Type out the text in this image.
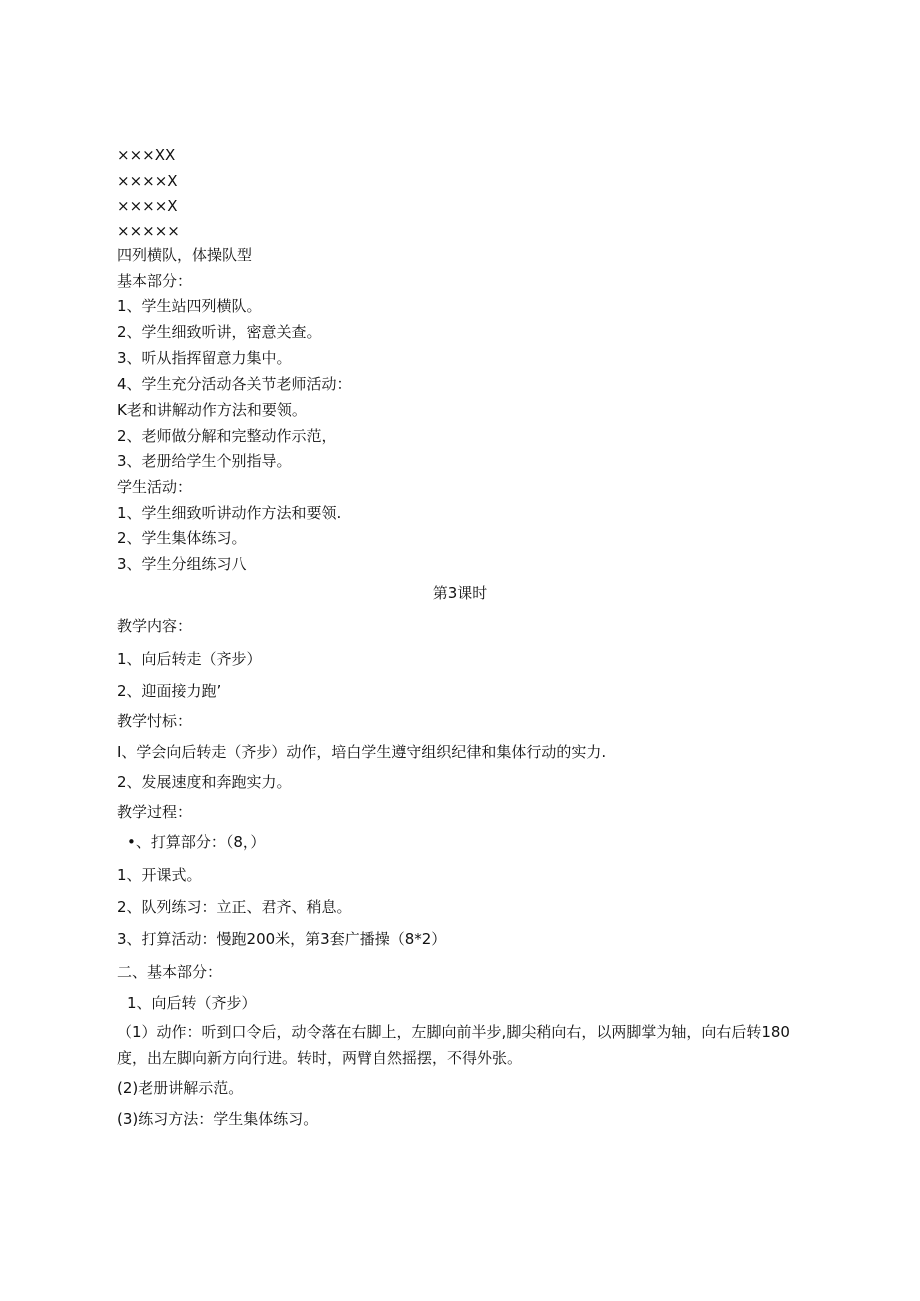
×××XX
××××X
××××X
×××××
四列横队，体操队型
基本部分：
1、学生站四列横队。
2、学生细致听讲，密意关查。
3、听从指挥留意力集中。
4、学生充分活动各关节老师活动：
K老和讲解动作方法和要领。
2、老师做分解和完整动作示范，
3、老册给学生个别指导。
学生活动：
1、学生细致听讲动作方法和要领.
2、学生集体练习。
3、学生分组练习八
第3课时
教学内容：
1、向后转走（齐步）
2、迎面接力跑’
教学忖标：
I、学会向后转走（齐步）动作，培白学生遵守组织纪律和集体行动的实力.
2、发展速度和奔跑实力。
教学过程：
•、打算部分：（8，）
1、开课式。
2、队列练习：立正、君齐、稍息。
3、打算活动：慢跑200米，第3套广播操（8*2）
二、基本部分：
1、向后转（齐步）
（1）动作：听到口令后，动令落在右脚上，左脚向前半步,脚尖稍向右，以两脚掌为轴，向右后转180度，出左脚向新方向行进。转时，两臂自然摇摆，不得外张。
(2)老册讲解示范。
(3)练习方法：学生集体练习。
